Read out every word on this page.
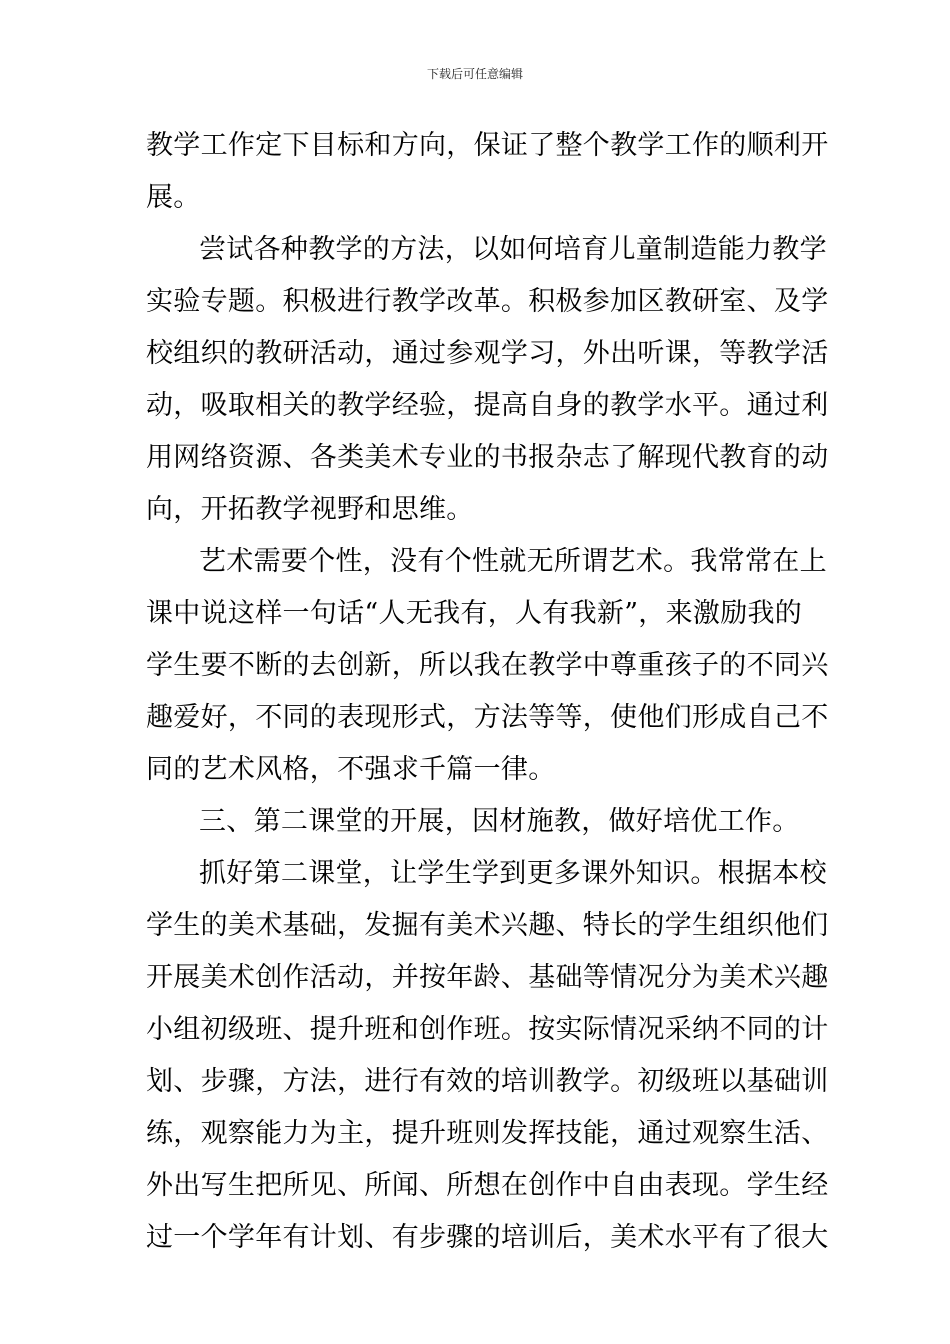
下载后可任意编辑
教学工作定下目标和方向，保证了整个教学工作的顺利开
展。
尝试各种教学的方法，以如何培育儿童制造能力教学
实验专题。积极进行教学改革。积极参加区教研室、及学
校组织的教研活动，通过参观学习，外出听课，等教学活
动，吸取相关的教学经验，提高自身的教学水平。通过利
用网络资源、各类美术专业的书报杂志了解现代教育的动
向，开拓教学视野和思维。
艺术需要个性，没有个性就无所谓艺术。我常常在上
课中说这样一句话“人无我有，人有我新”，来激励我的
学生要不断的去创新，所以我在教学中尊重孩子的不同兴
趣爱好，不同的表现形式，方法等等，使他们形成自己不
同的艺术风格，不强求千篇一律。
三、第二课堂的开展，因材施教，做好培优工作。
抓好第二课堂，让学生学到更多课外知识。根据本校
学生的美术基础，发掘有美术兴趣、特长的学生组织他们
开展美术创作活动，并按年龄、基础等情况分为美术兴趣
小组初级班、提升班和创作班。按实际情况采纳不同的计
划、步骤，方法，进行有效的培训教学。初级班以基础训
练，观察能力为主，提升班则发挥技能，通过观察生活、
外出写生把所见、所闻、所想在创作中自由表现。学生经
过一个学年有计划、有步骤的培训后，美术水平有了很大
